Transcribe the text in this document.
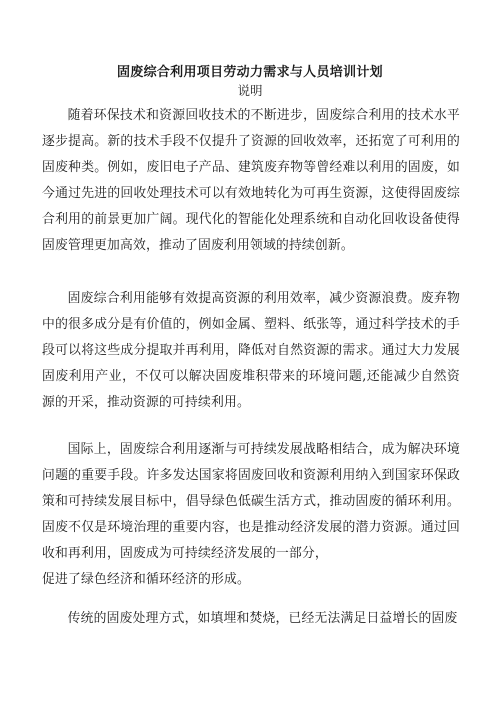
固废综合利用项目劳动力需求与人员培训计划
说明

随着环保技术和资源回收技术的不断进步，固废综合利用的技术水平逐步提高。新的技术手段不仅提升了资源的回收效率，还拓宽了可利用的固废种类。例如，废旧电子产品、建筑废弃物等曾经难以利用的固废，如今通过先进的回收处理技术可以有效地转化为可再生资源，这使得固废综合利用的前景更加广阔。现代化的智能化处理系统和自动化回收设备使得固废管理更加高效，推动了固废利用领域的持续创新。

固废综合利用能够有效提高资源的利用效率，减少资源浪费。废弃物中的很多成分是有价值的，例如金属、塑料、纸张等，通过科学技术的手段可以将这些成分提取并再利用，降低对自然资源的需求。通过大力发展固废利用产业，不仅可以解决固废堆积带来的环境问题,还能减少自然资源的开采，推动资源的可持续利用。

国际上，固废综合利用逐渐与可持续发展战略相结合，成为解决环境问题的重要手段。许多发达国家将固废回收和资源利用纳入到国家环保政策和可持续发展目标中，倡导绿色低碳生活方式，推动固废的循环利用。固废不仅是环境治理的重要内容，也是推动经济发展的潜力资源。通过回收和再利用，固废成为可持续经济发展的一部分，
促进了绿色经济和循环经济的形成。

传统的固废处理方式，如填埋和焚烧，已经无法满足日益增长的固废
